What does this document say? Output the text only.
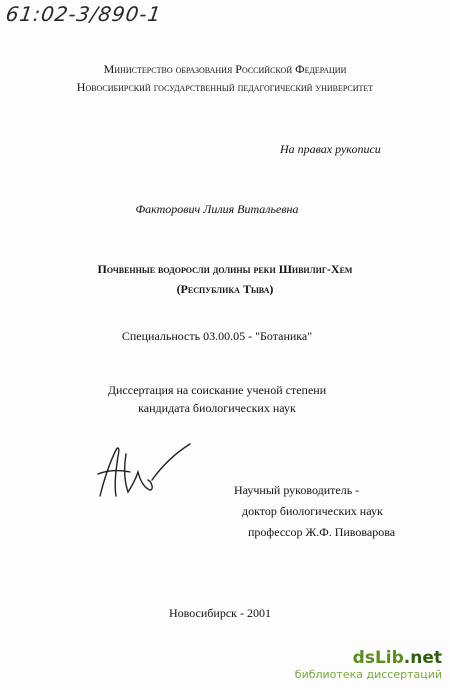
61:02-3/890-1
Министерство образования Российской Федерации
Новосибирский государственный педагогический университет
На правах рукописи
Факторович Лилия Витальевна
Почвенные водоросли долины реки Шивилиг-Хем
(Республика Тыва)
Специальность 03.00.05 - "Ботаника"
Диссертация на соискание ученой степени
кандидата биологических наук
Научный руководитель -
доктор биологических наук
профессор Ж.Ф. Пивоварова
Новосибирск - 2001
dsLib.net
библиотека диссертаций
